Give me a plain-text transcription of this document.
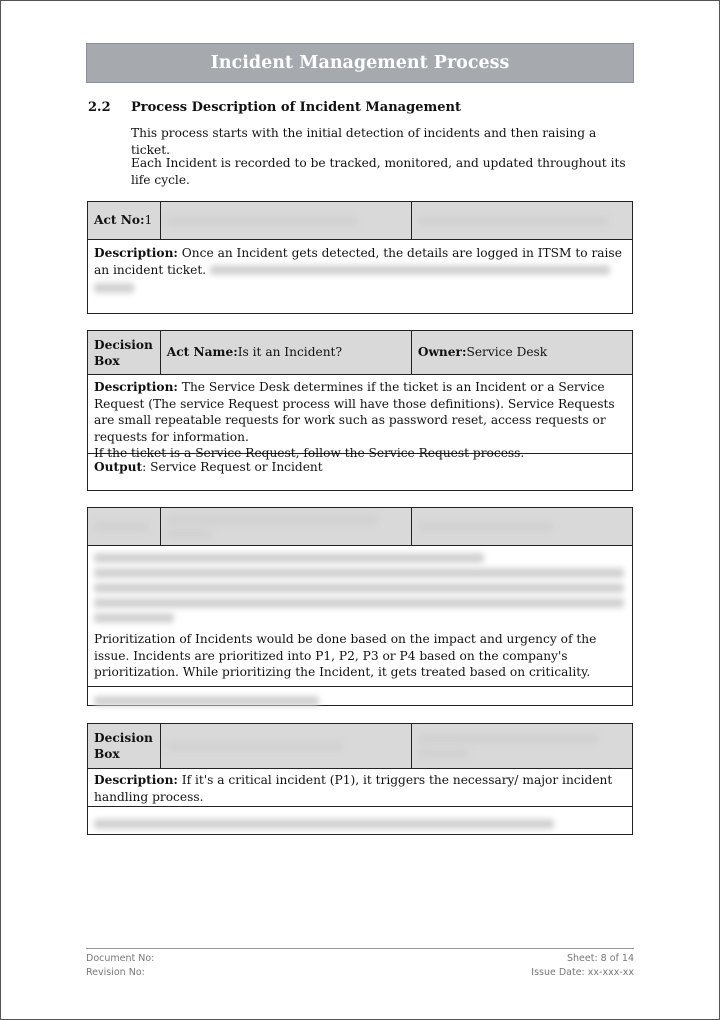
Incident Management Process
2.2 Process Description of Incident Management
This process starts with the initial detection of incidents and then raising a ticket.
Each Incident is recorded to be tracked, monitored, and updated throughout its life cycle.
Act No: 1
Description: Once an Incident gets detected, the details are logged in ITSM to raise an incident ticket.
Decision Box
Act Name: Is it an Incident?	Owner: Service Desk
Description: The Service Desk determines if the ticket is an Incident or a Service Request (The service Request process will have those definitions). Service Requests are small repeatable requests for work such as password reset, access requests or requests for information.
If the ticket is a Service Request, follow the Service Request process.
Output: Service Request or Incident
Prioritization of Incidents would be done based on the impact and urgency of the issue. Incidents are prioritized into P1, P2, P3 or P4 based on the company's prioritization. While prioritizing the Incident, it gets treated based on criticality.
Decision Box
Description: If it's a critical incident (P1), it triggers the necessary/ major incident handling process.
Document No:
Revision No:
Sheet: 8 of 14
Issue Date: xx-xxx-xx
